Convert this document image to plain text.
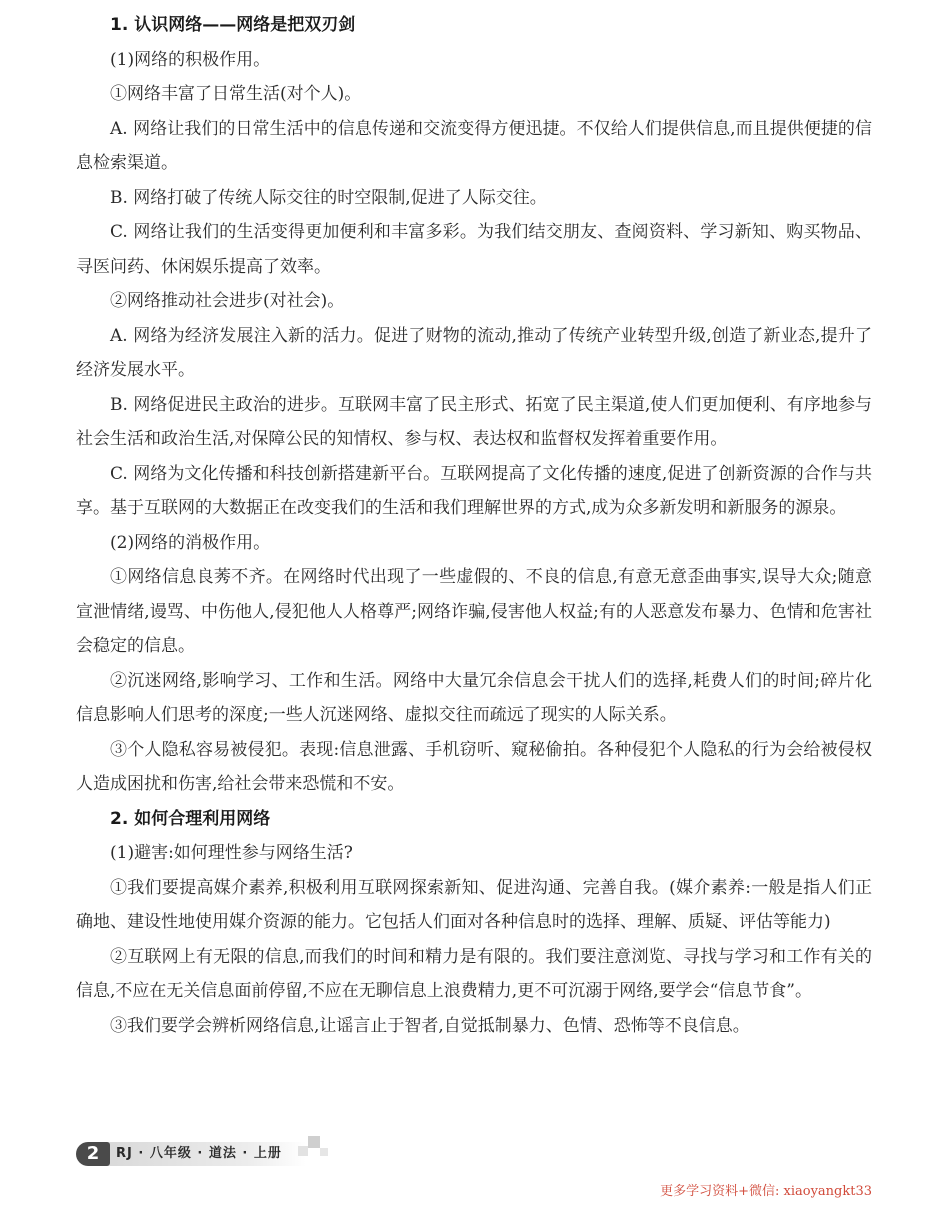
1. 认识网络——网络是把双刃剑

(1)网络的积极作用。

①网络丰富了日常生活(对个人)。

A. 网络让我们的日常生活中的信息传递和交流变得方便迅捷。不仅给人们提供信息,而且提供便捷的信息检索渠道。

B. 网络打破了传统人际交往的时空限制,促进了人际交往。

C. 网络让我们的生活变得更加便利和丰富多彩。为我们结交朋友、查阅资料、学习新知、购买物品、寻医问药、休闲娱乐提高了效率。

②网络推动社会进步(对社会)。

A. 网络为经济发展注入新的活力。促进了财物的流动,推动了传统产业转型升级,创造了新业态,提升了经济发展水平。

B. 网络促进民主政治的进步。互联网丰富了民主形式、拓宽了民主渠道,使人们更加便利、有序地参与社会生活和政治生活,对保障公民的知情权、参与权、表达权和监督权发挥着重要作用。

C. 网络为文化传播和科技创新搭建新平台。互联网提高了文化传播的速度,促进了创新资源的合作与共享。基于互联网的大数据正在改变我们的生活和我们理解世界的方式,成为众多新发明和新服务的源泉。

(2)网络的消极作用。

①网络信息良莠不齐。在网络时代出现了一些虚假的、不良的信息,有意无意歪曲事实,误导大众;随意宣泄情绪,谩骂、中伤他人,侵犯他人人格尊严;网络诈骗,侵害他人权益;有的人恶意发布暴力、色情和危害社会稳定的信息。

②沉迷网络,影响学习、工作和生活。网络中大量冗余信息会干扰人们的选择,耗费人们的时间;碎片化信息影响人们思考的深度;一些人沉迷网络、虚拟交往而疏远了现实的人际关系。

③个人隐私容易被侵犯。表现:信息泄露、手机窃听、窥秘偷拍。各种侵犯个人隐私的行为会给被侵权人造成困扰和伤害,给社会带来恐慌和不安。

2. 如何合理利用网络

(1)避害:如何理性参与网络生活?

①我们要提高媒介素养,积极利用互联网探索新知、促进沟通、完善自我。(媒介素养:一般是指人们正确地、建设性地使用媒介资源的能力。它包括人们面对各种信息时的选择、理解、质疑、评估等能力)

②互联网上有无限的信息,而我们的时间和精力是有限的。我们要注意浏览、寻找与学习和工作有关的信息,不应在无关信息面前停留,不应在无聊信息上浪费精力,更不可沉溺于网络,要学会“信息节食”。

③我们要学会辨析网络信息,让谣言止于智者,自觉抵制暴力、色情、恐怖等不良信息。

2	RJ · 八年级 · 道法 · 上册
更多学习资料+微信: xiaoyangkt33
